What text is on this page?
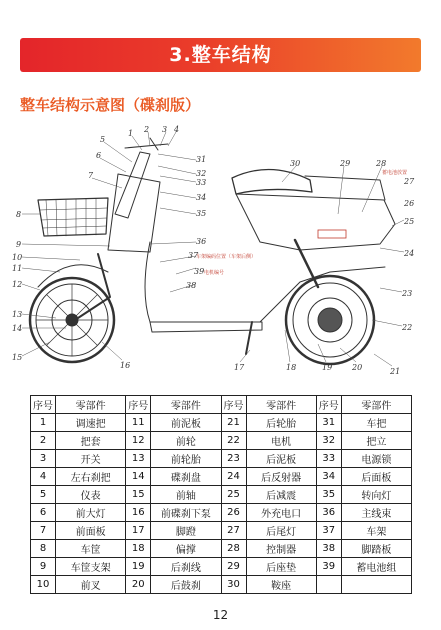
3.整车结构
整车结构示意图（碟刹版）
蓄电池放置
车架编码位置（车架后侧）
电机编号
1 2 3 4
5
6
7
8
9
10
11
12
13
14
15
16	17	18	19 20	21
22
23
24
25
26
27
28
29
30
31
32
33
34
35
36
37
38
39
序号	零部件	序号	零部件	序号	零部件	序号	零部件
1	调速把	11	前泥板	21	后轮胎	31	车把
2	把套	12	前轮	22	电机	32	把立
3	开关	13	前轮胎	23	后泥板	33	电源锁
4	左右刹把	14	碟刹盘	24	后反射器	34	后面板
5	仪表	15	前轴	25	后减震	35	转向灯
6	前大灯	16	前碟刹下泵	26	外充电口	36	主线束
7	前面板	17	脚蹬	27	后尾灯	37	车架
8	车筐	18	偏撑	28	控制器	38	脚踏板
9	车筐支架	19	后刹线	29	后座垫	39	蓄电池组
10	前叉	20	后鼓刹	30	鞍座		
12
